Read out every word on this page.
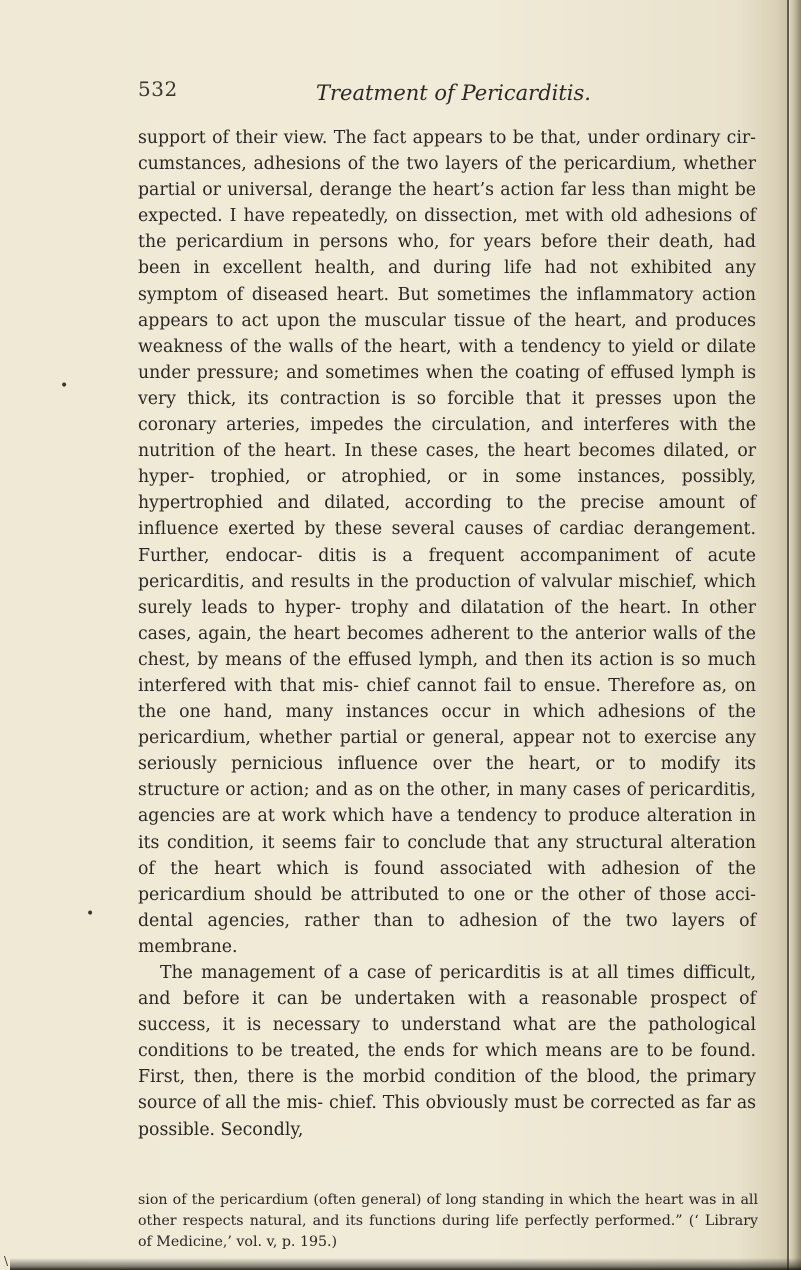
532	Treatment of Pericarditis.

support of their view. The fact appears to be that, under ordinary cir- cumstances, adhesions of the two layers of the pericardium, whether partial or universal, derange the heart’s action far less than might be expected. I have repeatedly, on dissection, met with old adhesions of the pericardium in persons who, for years before their death, had been in excellent health, and during life had not exhibited any symptom of diseased heart. But sometimes the inflammatory action appears to act upon the muscular tissue of the heart, and produces weakness of the walls of the heart, with a tendency to yield or dilate under pressure; and sometimes when the coating of effused lymph is very thick, its contraction is so forcible that it presses upon the coronary arteries, impedes the circulation, and interferes with the nutrition of the heart. In these cases, the heart becomes dilated, or hyper- trophied, or atrophied, or in some instances, possibly, hypertrophied and dilated, according to the precise amount of influence exerted by these several causes of cardiac derangement. Further, endocar- ditis is a frequent accompaniment of acute pericarditis, and results in the production of valvular mischief, which surely leads to hyper- trophy and dilatation of the heart. In other cases, again, the heart becomes adherent to the anterior walls of the chest, by means of the effused lymph, and then its action is so much interfered with that mis- chief cannot fail to ensue. Therefore as, on the one hand, many instances occur in which adhesions of the pericardium, whether partial or general, appear not to exercise any seriously pernicious influence over the heart, or to modify its structure or action; and as on the other, in many cases of pericarditis, agencies are at work which have a tendency to produce alteration in its condition, it seems fair to conclude that any structural alteration of the heart which is found associated with adhesion of the pericardium should be attributed to one or the other of those acci- dental agencies, rather than to adhesion of the two layers of membrane.

The management of a case of pericarditis is at all times difficult, and before it can be undertaken with a reasonable prospect of success, it is necessary to understand what are the pathological conditions to be treated, the ends for which means are to be found. First, then, there is the morbid condition of the blood, the primary source of all the mis- chief. This obviously must be corrected as far as possible. Secondly,

sion of the pericardium (often general) of long standing in which the heart was in all other respects natural, and its functions during life perfectly performed.” (‘ Library of Medicine,’ vol. v, p. 195.)

•
•
\
